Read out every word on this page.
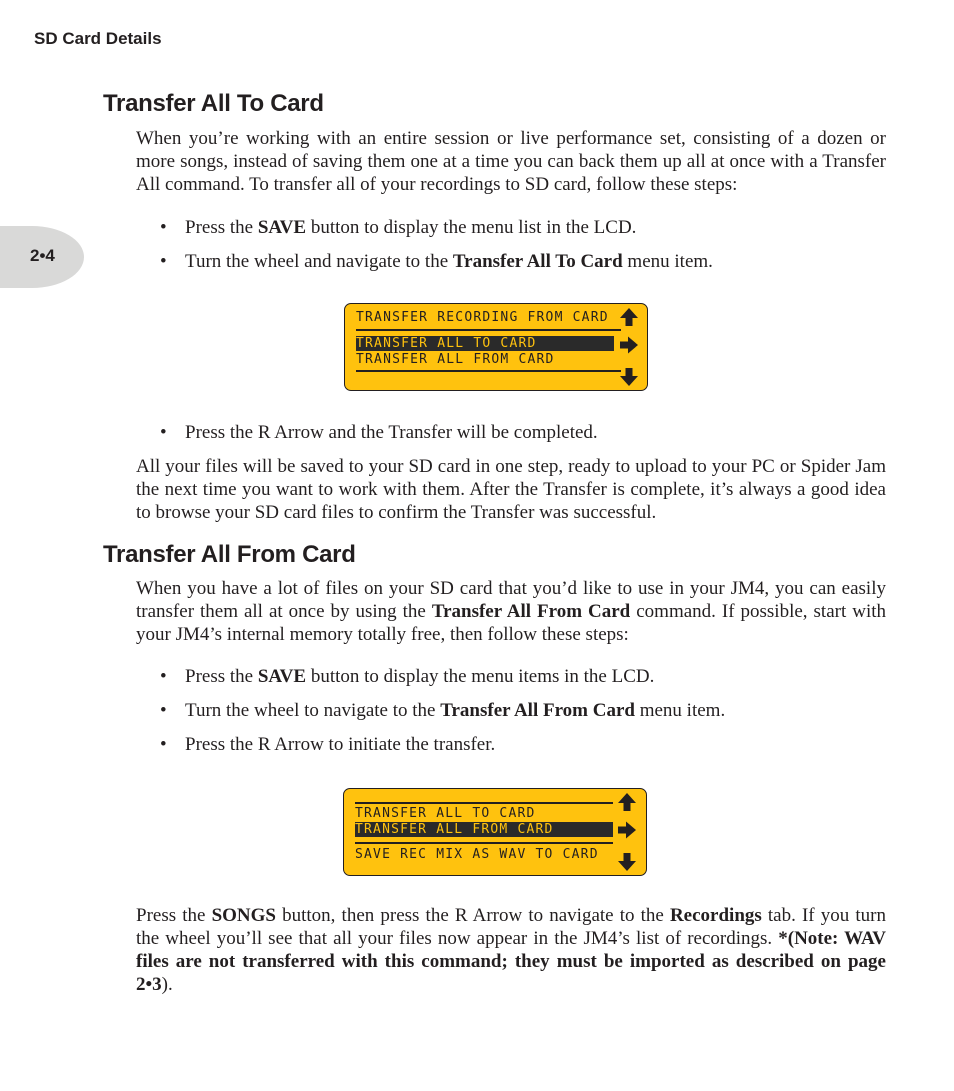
SD Card Details
2•4
Transfer All To Card

When you’re working with an entire session or live performance set, consisting of a dozen or more songs, instead of saving them one at a time you can back them up all at once with a Transfer All command. To transfer all of your recordings to SD card, follow these steps:

• Press the SAVE button to display the menu list in the LCD.
• Turn the wheel and navigate to the Transfer All To Card menu item.
TRANSFER RECORDING FROM CARD
TRANSFER ALL TO CARD
TRANSFER ALL FROM CARD
• Press the R Arrow and the Transfer will be completed.

All your files will be saved to your SD card in one step, ready to upload to your PC or Spider Jam the next time you want to work with them. After the Transfer is complete, it’s always a good idea to browse your SD card files to confirm the Transfer was successful.

Transfer All From Card

When you have a lot of files on your SD card that you’d like to use in your JM4, you can easily transfer them all at once by using the Transfer All From Card command. If possible, start with your JM4’s internal memory totally free, then follow these steps:

• Press the SAVE button to display the menu items in the LCD.
• Turn the wheel to navigate to the Transfer All From Card menu item.
• Press the R Arrow to initiate the transfer.
TRANSFER ALL TO CARD
TRANSFER ALL FROM CARD
SAVE REC MIX AS WAV TO CARD

Press the SONGS button, then press the R Arrow to navigate to the Recordings tab. If you turn the wheel you’ll see that all your files now appear in the JM4’s list of recordings. *(Note: WAV files are not transferred with this command; they must be imported as described on page 2•3).
